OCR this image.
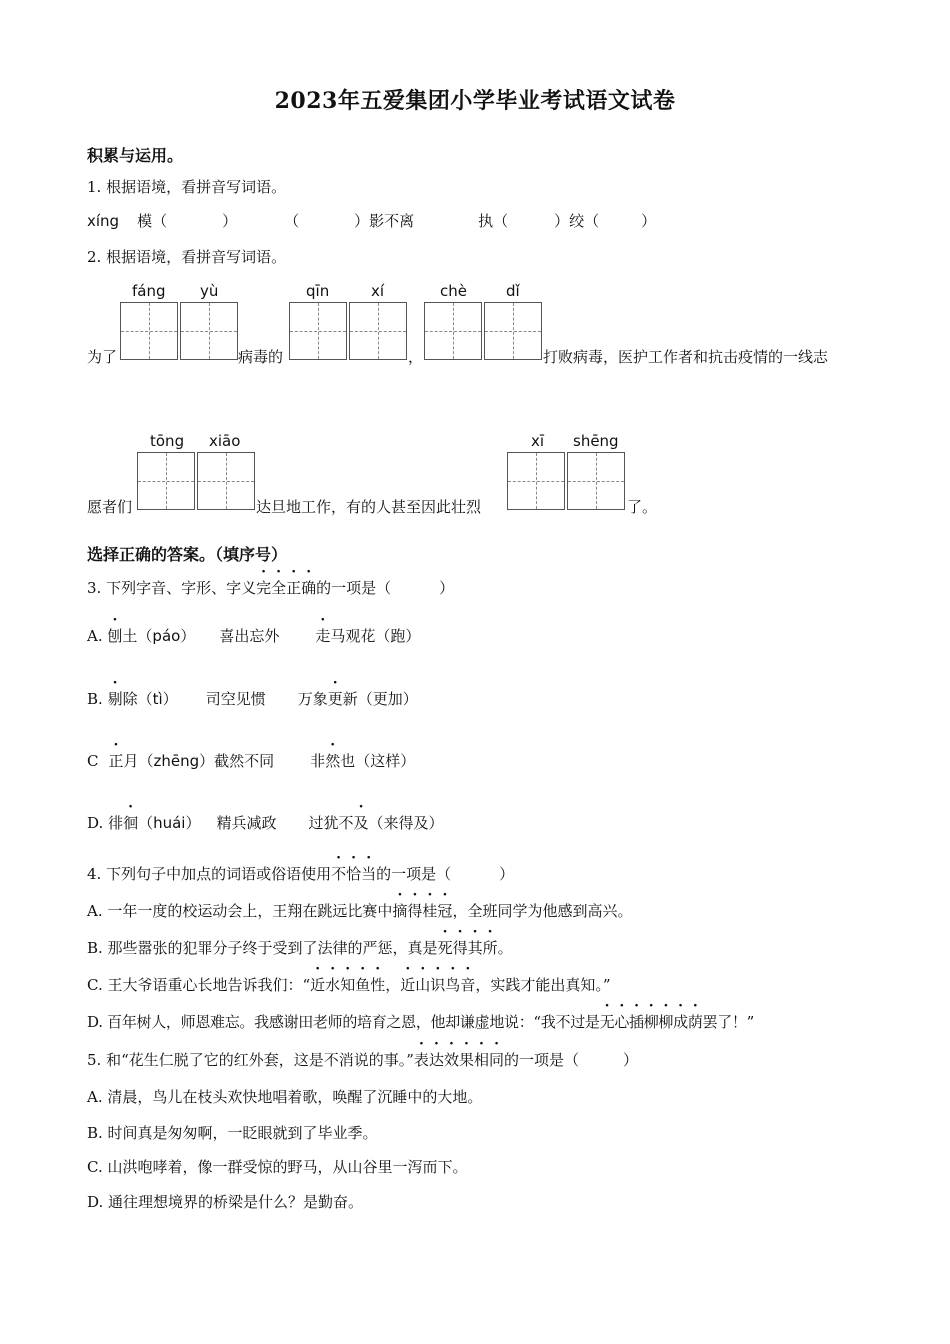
2023年五爱集团小学毕业考试语文试卷
积累与运用。
1. 根据语境，看拼音写词语。
xíng 模（	）	（	）影不离	执（	）绞（	）
2. 根据语境，看拼音写词语。
fáng yù	qīn	xí	chè	dǐ
为了	病毒的	，	打败病毒，医护工作者和抗击疫情的一线志
tōng xiāo	xī shēng
愿者们	达旦地工作，有的人甚至因此壮烈	了。
选择正确的答案。（填序号）
3. 下列字音、字形、字义完全正确的一项是（	）
A. 刨土（páo） 喜出忘外 走马观花（跑）
B. 剔除（tì） 司空见惯 万象更新（更加）
C 正月（zhēng）截然不同 非然也（这样）
D. 徘徊（huái） 精兵减政 过犹不及（来得及）
4. 下列句子中加点的词语或俗语使用不恰当的一项是（	）
A. 一年一度的校运动会上，王翔在跳远比赛中摘得桂冠，全班同学为他感到高兴。
B. 那些嚣张的犯罪分子终于受到了法律的严惩，真是死得其所。
C. 王大爷语重心长地告诉我们：“近水知鱼性，近山识鸟音，实践才能出真知。”
D. 百年树人，师恩难忘。我感谢田老师的培育之恩，他却谦虚地说：“我不过是无心插柳柳成荫罢了！”
5. 和“花生仁脱了它的红外套，这是不消说的事。”表达效果相同的一项是（	）
A. 清晨，鸟儿在枝头欢快地唱着歌，唤醒了沉睡中的大地。
B. 时间真是匆匆啊，一眨眼就到了毕业季。
C. 山洪咆哮着，像一群受惊的野马，从山谷里一泻而下。
D. 通往理想境界的桥梁是什么？是勤奋。
